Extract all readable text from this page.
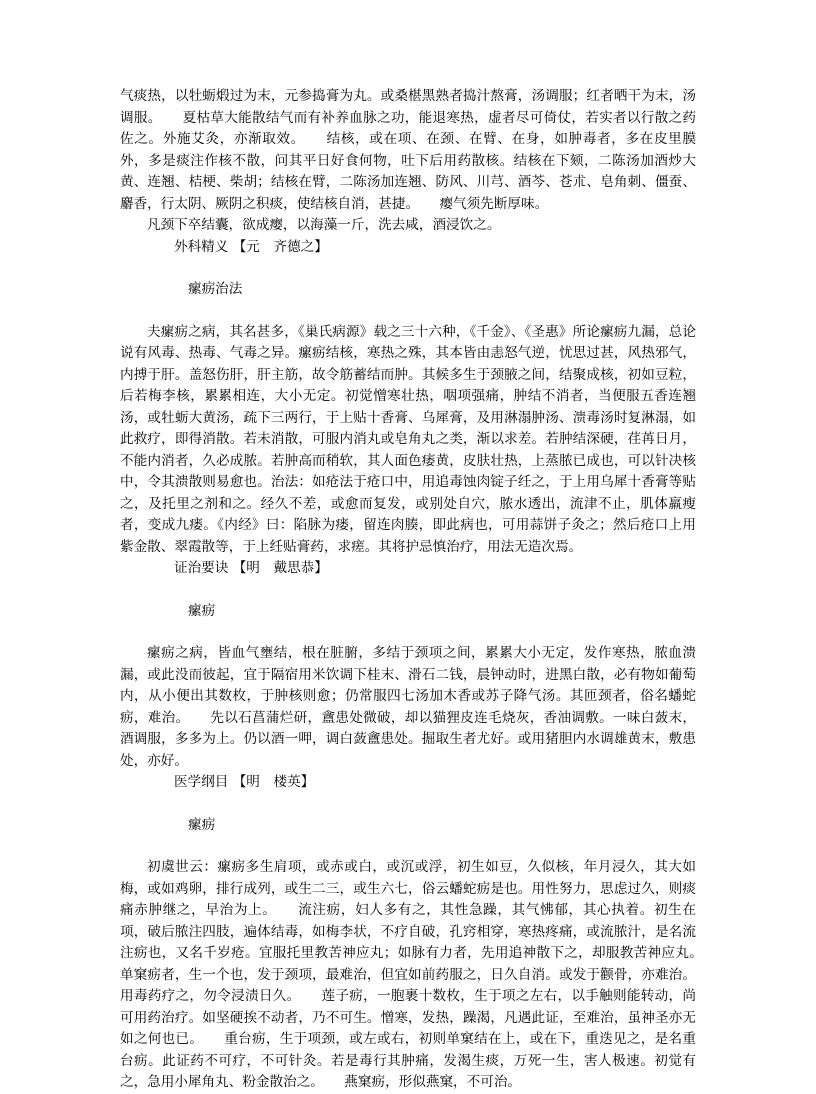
气痰热，以牡蛎煅过为末，元参捣膏为丸。或桑椹黑熟者捣汁熬膏，汤调服；红者晒干为末，汤调服。　　夏枯草大能散结气而有补养血脉之功，能退寒热，虚者尽可倚仗，若实者以行散之药佐之。外施艾灸，亦渐取效。　　结核，或在项、在颈、在臂、在身，如肿毒者，多在皮里膜外，多是痰注作核不散，问其平日好食何物，吐下后用药散核。结核在下颏，二陈汤加酒炒大黄、连翘、桔梗、柴胡；结核在臂，二陈汤加连翘、防风、川芎、酒芩、苍朮、皂角刺、僵蚕、麝香，行太阴、厥阴之积痰，使结核自消，甚捷。　　瘿气须先断厚味。

凡颈下卒结囊，欲成瘿，以海藻一斤，洗去咸，酒浸饮之。

外科精义 【元　齐德之】

瘰疬治法

夫瘰疬之病，其名甚多，《巢氏病源》载之三十六种，《千金》、《圣惠》所论瘰疬九漏，总论说有风毒、热毒、气毒之异。瘰疬结核，寒热之殊，其本皆由恚怒气逆，忧思过甚，风热邪气，内搏于肝。盖怒伤肝，肝主筋，故令筋蓄结而肿。其候多生于颈腋之间，结聚成核，初如豆粒，后若梅李核，累累相连，大小无定。初觉憎寒壮热，咽项强痛，肿结不消者，当便服五香连翘汤，或牡蛎大黄汤，疏下三两行，于上贴十香膏、乌犀膏，及用淋溻肿汤、溃毒汤时复淋溻，如此救疗，即得消散。若未消散，可服内消丸或皂角丸之类，渐以求差。若肿结深硬，荏苒日月，不能内消者，久必成脓。若肿高而稍软，其人面色痿黄，皮肤壮热，上蒸脓已成也，可以针决核中，令其溃散则易愈也。治法：如疮法于疮口中，用追毒蚀肉锭子纴之，于上用乌犀十香膏等贴之，及托里之剂和之。经久不差，或愈而复发，或别处自穴，脓水透出，流津不止，肌体羸瘦者，变成九瘘。《内经》曰：陷脉为瘘，留连肉腠，即此病也，可用蒜饼子灸之；然后疮口上用紫金散、翠霞散等，于上纴贴膏药，求瘥。其将护忌慎治疗，用法无造次焉。

证治要诀 【明　戴思恭】

瘰疬

瘰疬之病，皆血气壅结，根在脏腑，多结于颈项之间，累累大小无定，发作寒热，脓血溃漏，或此没而彼起，宜于隔宿用米饮调下桂末、滑石二钱，晨钟动时，进黑白散，必有物如葡萄内，从小便出其数枚，于肿核则愈；仍常服四七汤加木香或苏子降气汤。其匝颈者，俗名蟠蛇疬，难治。　　先以石菖蒲烂研，盦患处微破，却以猫狸皮连毛烧灰，香油调敷。一味白蔹末，酒调服，多多为上。仍以酒一呷，调白蔹盦患处。掘取生者尤好。或用猪胆内水调雄黄末，敷患处，亦好。

医学纲目 【明　楼英】

瘰疬

初虞世云：瘰疬多生肩项，或赤或白，或沉或浮，初生如豆，久似核，年月浸久，其大如梅，或如鸡卵，排行成列，或生二三，或生六七，俗云蟠蛇疬是也。用性努力，思虑过久，则痰痛赤肿继之，早治为上。　　流注疬，妇人多有之，其性急躁，其气怫郁，其心执着。初生在项，破后脓注四肢，遍体结毒，如梅李状，不疗自破，孔窍相穿，寒热疼痛，或流脓汁，是名流注疬也，又名千岁疮。宜服托里教苦神应丸；如脉有力者，先用追神散下之，却服教苦神应丸。　　单窠疬者，生一个也，发于颈项，最难治，但宜如前药服之，日久自消。或发于颧骨，亦难治。用毒药疗之，勿令浸渍日久。　　莲子疬，一胞裹十数枚，生于项之左右，以手触则能转动，尚可用药治疗。如坚硬挨不动者，乃不可生。憎寒，发热，躁渴，凡遇此证，至难治，虽神圣亦无如之何也已。　　重台疬，生于项颈，或左或右，初则单窠结在上，或在下，重迭见之，是名重台疬。此证药不可疗，不可针灸。若是毒行其肿痛，发渴生痰，万死一生，害人极速。初觉有之，急用小犀角丸、粉金散治之。　　燕窠疬，形似燕窠，不可治。
